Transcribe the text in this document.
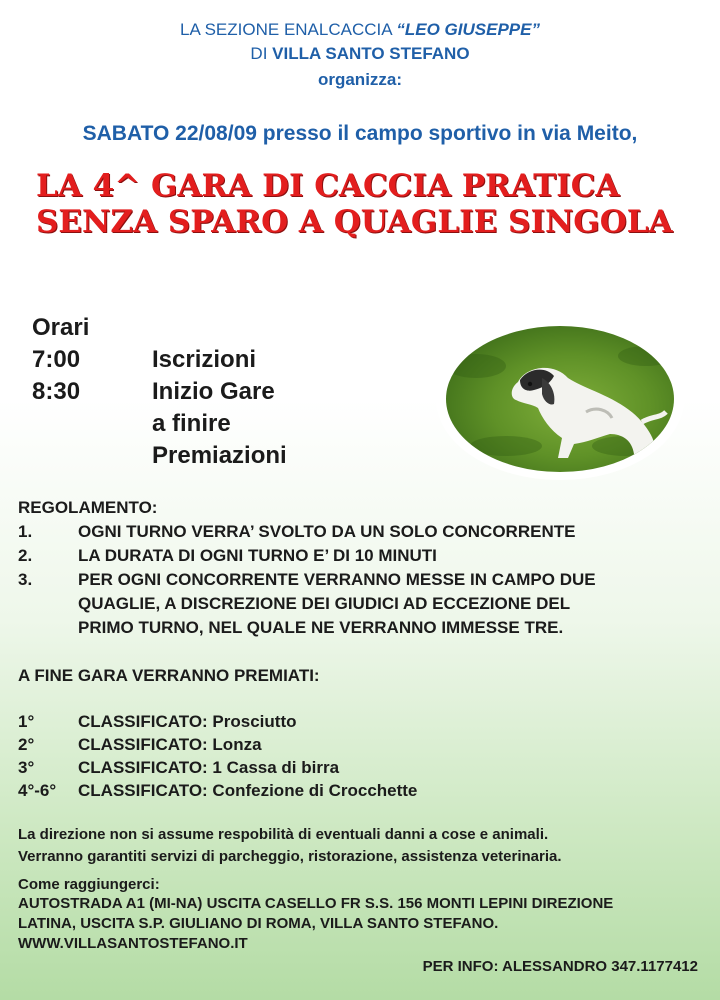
LA SEZIONE ENALCACCIA “LEO GIUSEPPE”
DI VILLA SANTO STEFANO
organizza:
SABATO 22/08/09 presso il campo sportivo in via Meito,
LA 4^ GARA DI CACCIA PRATICA
SENZA SPARO A QUAGLIE SINGOLA
Orari
7:00	Iscrizioni
8:30	Inizio Gare
a finire
Premiazioni
REGOLAMENTO:
1.	OGNI TURNO VERRA’ SVOLTO DA UN SOLO CONCORRENTE
2.	LA DURATA DI OGNI TURNO E’ DI 10 MINUTI
3.	PER OGNI CONCORRENTE VERRANNO MESSE IN CAMPO DUE
QUAGLIE, A DISCREZIONE DEI GIUDICI AD ECCEZIONE DEL
PRIMO TURNO, NEL QUALE NE VERRANNO IMMESSE TRE.
A FINE GARA VERRANNO PREMIATI:
1°	CLASSIFICATO: Prosciutto
2°	CLASSIFICATO: Lonza
3°	CLASSIFICATO: 1 Cassa di birra
4°-6° CLASSIFICATO: Confezione di Crocchette
La direzione non si assume respobilità di eventuali danni a cose e animali.
Verranno garantiti servizi di parcheggio, ristorazione, assistenza veterinaria.
Come raggiungerci:
AUTOSTRADA A1 (MI-NA) USCITA CASELLO FR S.S. 156 MONTI LEPINI DIREZIONE
LATINA, USCITA S.P. GIULIANO DI ROMA, VILLA SANTO STEFANO.
WWW.VILLASANTOSTEFANO.IT
PER INFO: ALESSANDRO 347.1177412
